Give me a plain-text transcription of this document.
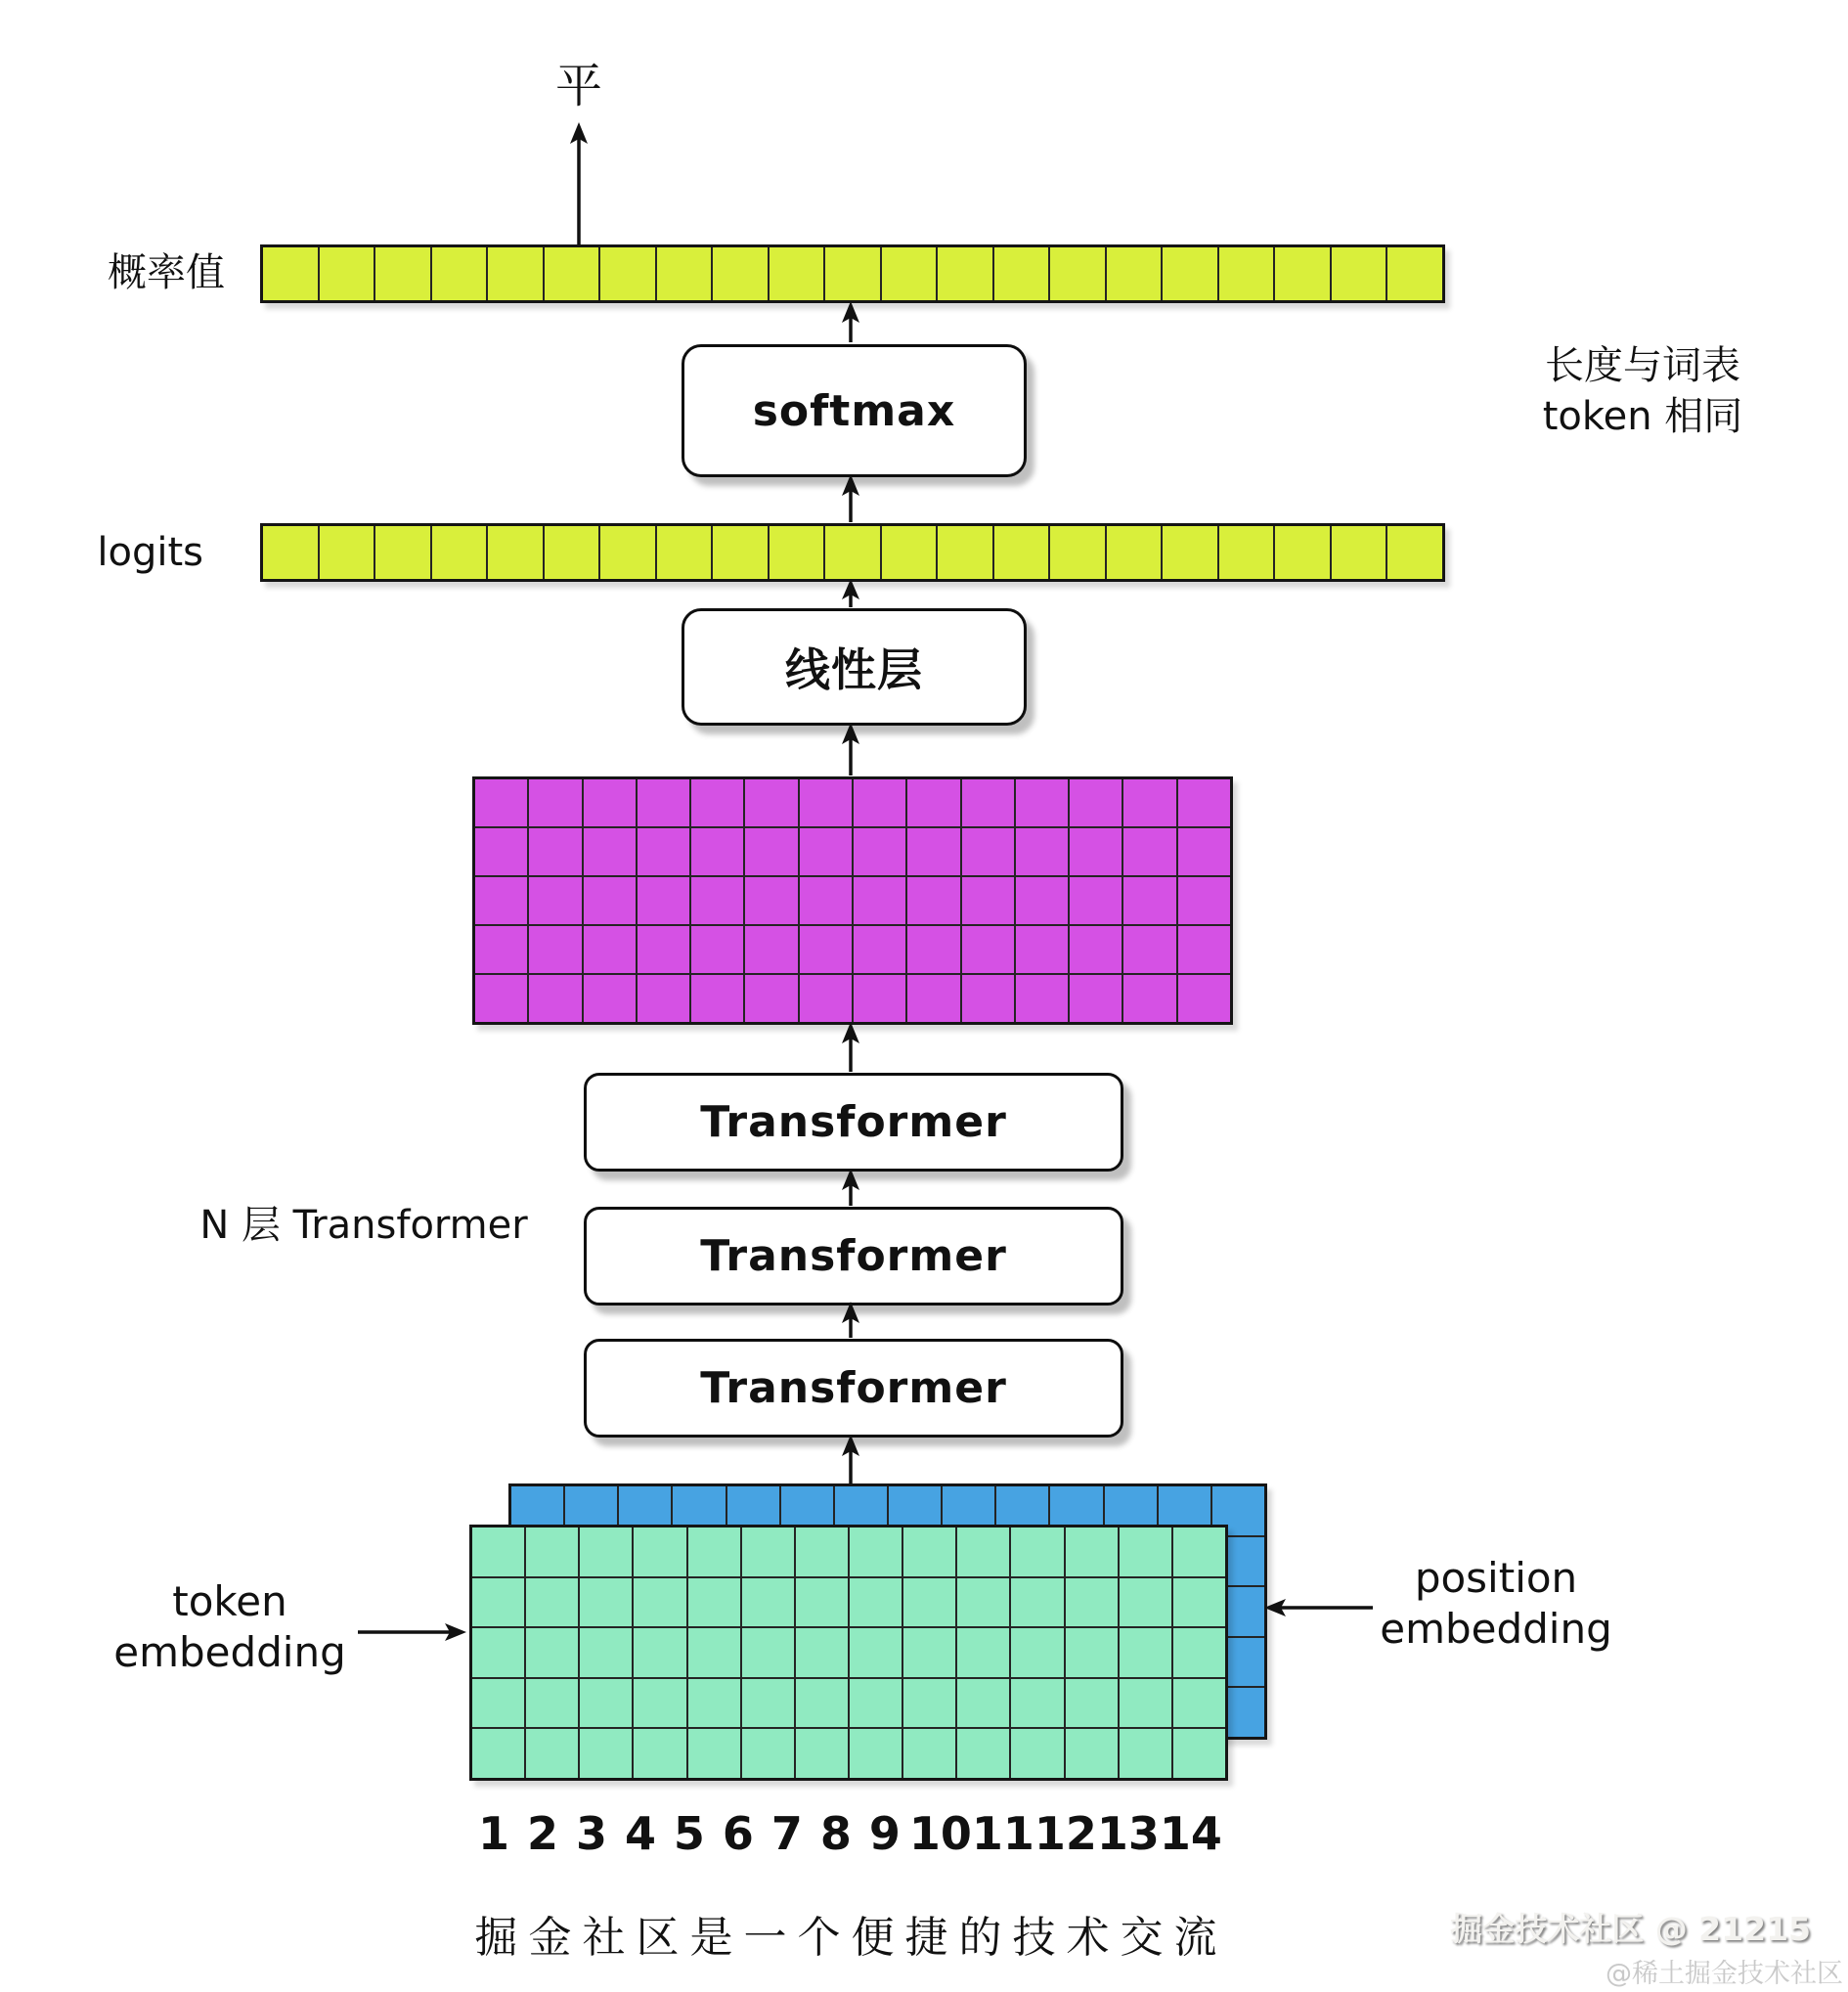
平
概率值
softmax
长度与词表
token 相同
logits
线性层
Transformer
Transformer
Transformer
N 层 Transformer
token
embedding
position
embedding
1 2 3 4 5 6 7 8 9 10 11 12 13 14
掘 金 社 区 是 一 个 便 捷 的 技 术 交 流	掘金技术社区 @ 21215
@稀土掘金技术社区
